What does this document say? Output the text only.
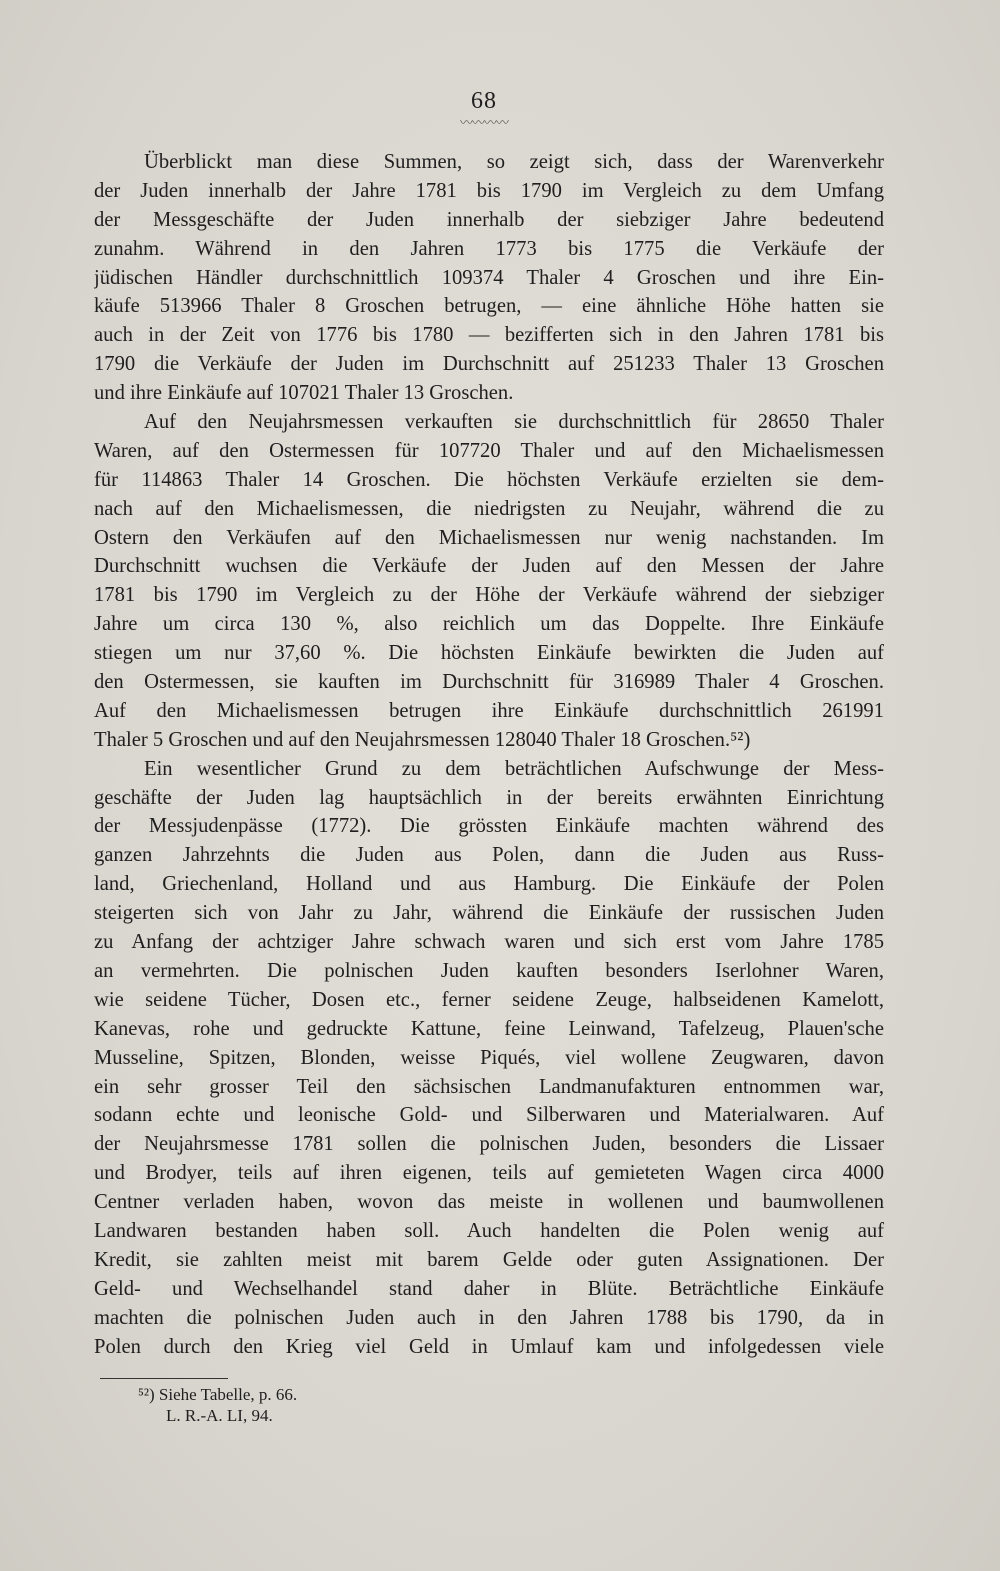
68
〰〰〰〰
Überblickt man diese Summen, so zeigt sich, dass der Warenverkehr
der Juden innerhalb der Jahre 1781 bis 1790 im Vergleich zu dem Umfang
der Messgeschäfte der Juden innerhalb der siebziger Jahre bedeutend
zunahm. Während in den Jahren 1773 bis 1775 die Verkäufe der
jüdischen Händler durchschnittlich 109374 Thaler 4 Groschen und ihre Ein-
käufe 513966 Thaler 8 Groschen betrugen, — eine ähnliche Höhe hatten sie
auch in der Zeit von 1776 bis 1780 — bezifferten sich in den Jahren 1781 bis
1790 die Verkäufe der Juden im Durchschnitt auf 251233 Thaler 13 Groschen
und ihre Einkäufe auf 107021 Thaler 13 Groschen.
Auf den Neujahrsmessen verkauften sie durchschnittlich für 28650 Thaler
Waren, auf den Ostermessen für 107720 Thaler und auf den Michaelismessen
für 114863 Thaler 14 Groschen. Die höchsten Verkäufe erzielten sie dem-
nach auf den Michaelismessen, die niedrigsten zu Neujahr, während die zu
Ostern den Verkäufen auf den Michaelismessen nur wenig nachstanden. Im
Durchschnitt wuchsen die Verkäufe der Juden auf den Messen der Jahre
1781 bis 1790 im Vergleich zu der Höhe der Verkäufe während der siebziger
Jahre um circa 130 %, also reichlich um das Doppelte. Ihre Einkäufe
stiegen um nur 37,60 %. Die höchsten Einkäufe bewirkten die Juden auf
den Ostermessen, sie kauften im Durchschnitt für 316989 Thaler 4 Groschen.
Auf den Michaelismessen betrugen ihre Einkäufe durchschnittlich 261991
Thaler 5 Groschen und auf den Neujahrsmessen 128040 Thaler 18 Groschen.⁵²)
Ein wesentlicher Grund zu dem beträchtlichen Aufschwunge der Mess-
geschäfte der Juden lag hauptsächlich in der bereits erwähnten Einrichtung
der Messjudenpässe (1772). Die grössten Einkäufe machten während des
ganzen Jahrzehnts die Juden aus Polen, dann die Juden aus Russ-
land, Griechenland, Holland und aus Hamburg. Die Einkäufe der Polen
steigerten sich von Jahr zu Jahr, während die Einkäufe der russischen Juden
zu Anfang der achtziger Jahre schwach waren und sich erst vom Jahre 1785
an vermehrten. Die polnischen Juden kauften besonders Iserlohner Waren,
wie seidene Tücher, Dosen etc., ferner seidene Zeuge, halbseidenen Kamelott,
Kanevas, rohe und gedruckte Kattune, feine Leinwand, Tafelzeug, Plauen'sche
Musseline, Spitzen, Blonden, weisse Piqués, viel wollene Zeugwaren, davon
ein sehr grosser Teil den sächsischen Landmanufakturen entnommen war,
sodann echte und leonische Gold- und Silberwaren und Materialwaren. Auf
der Neujahrsmesse 1781 sollen die polnischen Juden, besonders die Lissaer
und Brodyer, teils auf ihren eigenen, teils auf gemieteten Wagen circa 4000
Centner verladen haben, wovon das meiste in wollenen und baumwollenen
Landwaren bestanden haben soll. Auch handelten die Polen wenig auf
Kredit, sie zahlten meist mit barem Gelde oder guten Assignationen. Der
Geld- und Wechselhandel stand daher in Blüte. Beträchtliche Einkäufe
machten die polnischen Juden auch in den Jahren 1788 bis 1790, da in
Polen durch den Krieg viel Geld in Umlauf kam und infolgedessen viele
⁵²) Siehe Tabelle, p. 66.
L. R.-A. LI, 94.
